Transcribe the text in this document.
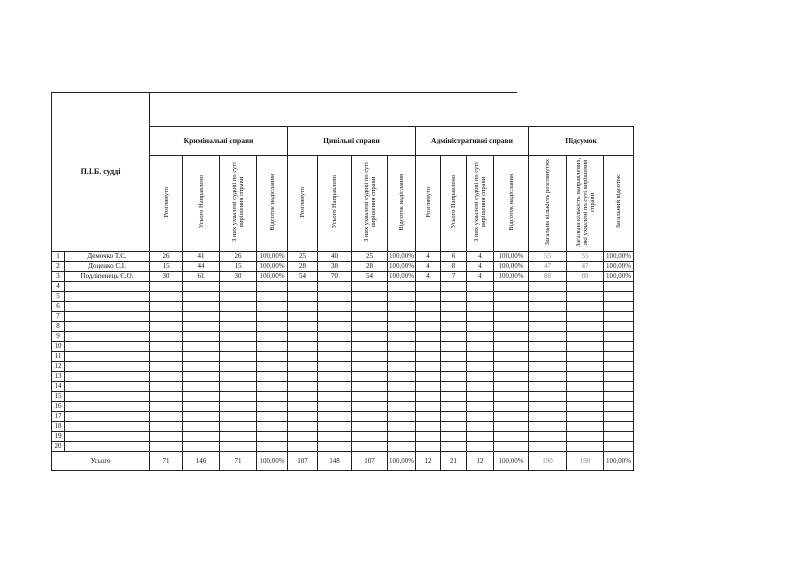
П.І.Б. судді																
		Кримінальні справи				Цивільні справи				Адміністративні справи				Підсумок		
		Розглянуто	Усього Направлено	З них ухвалені судові по суті вирішення справи	Відсоток надіслання	Розглянуто	Усього Направлено	З них ухвалені судові по суті вирішення справи	Відсоток надіслання	Розглянуто	Усього Направлено	З них ухвалені судові по суті вирішення справи	Відсоток надіслання	Загальна кількість розглянутих	Загальна кількість направлених, які ухвалені по суті вирішення справи	Загальний відсоток

1	Демочко Т.С.	26	41	26	100,00%	25	40	25	100,00%	4	6	4	100,00%	55	55	100,00%
2	Доценко С.І.	15	44	15	100,00%	28	38	28	100,00%	4	8	4	100,00%	47	47	100,00%
3	Подліпенець Є.О.	30	61	30	100,00%	54	70	54	100,00%	4	7	4	100,00%	88	88	100,00%
4																
5																
6																
7																
8																
9																
10																
11																
12																
13																
14																
15																
16																
17																
18																
19																
20																
Усього		71	146	71	100,00%	107	148	107	100,00%	12	21	12	100,00%	190	190	100,00%
